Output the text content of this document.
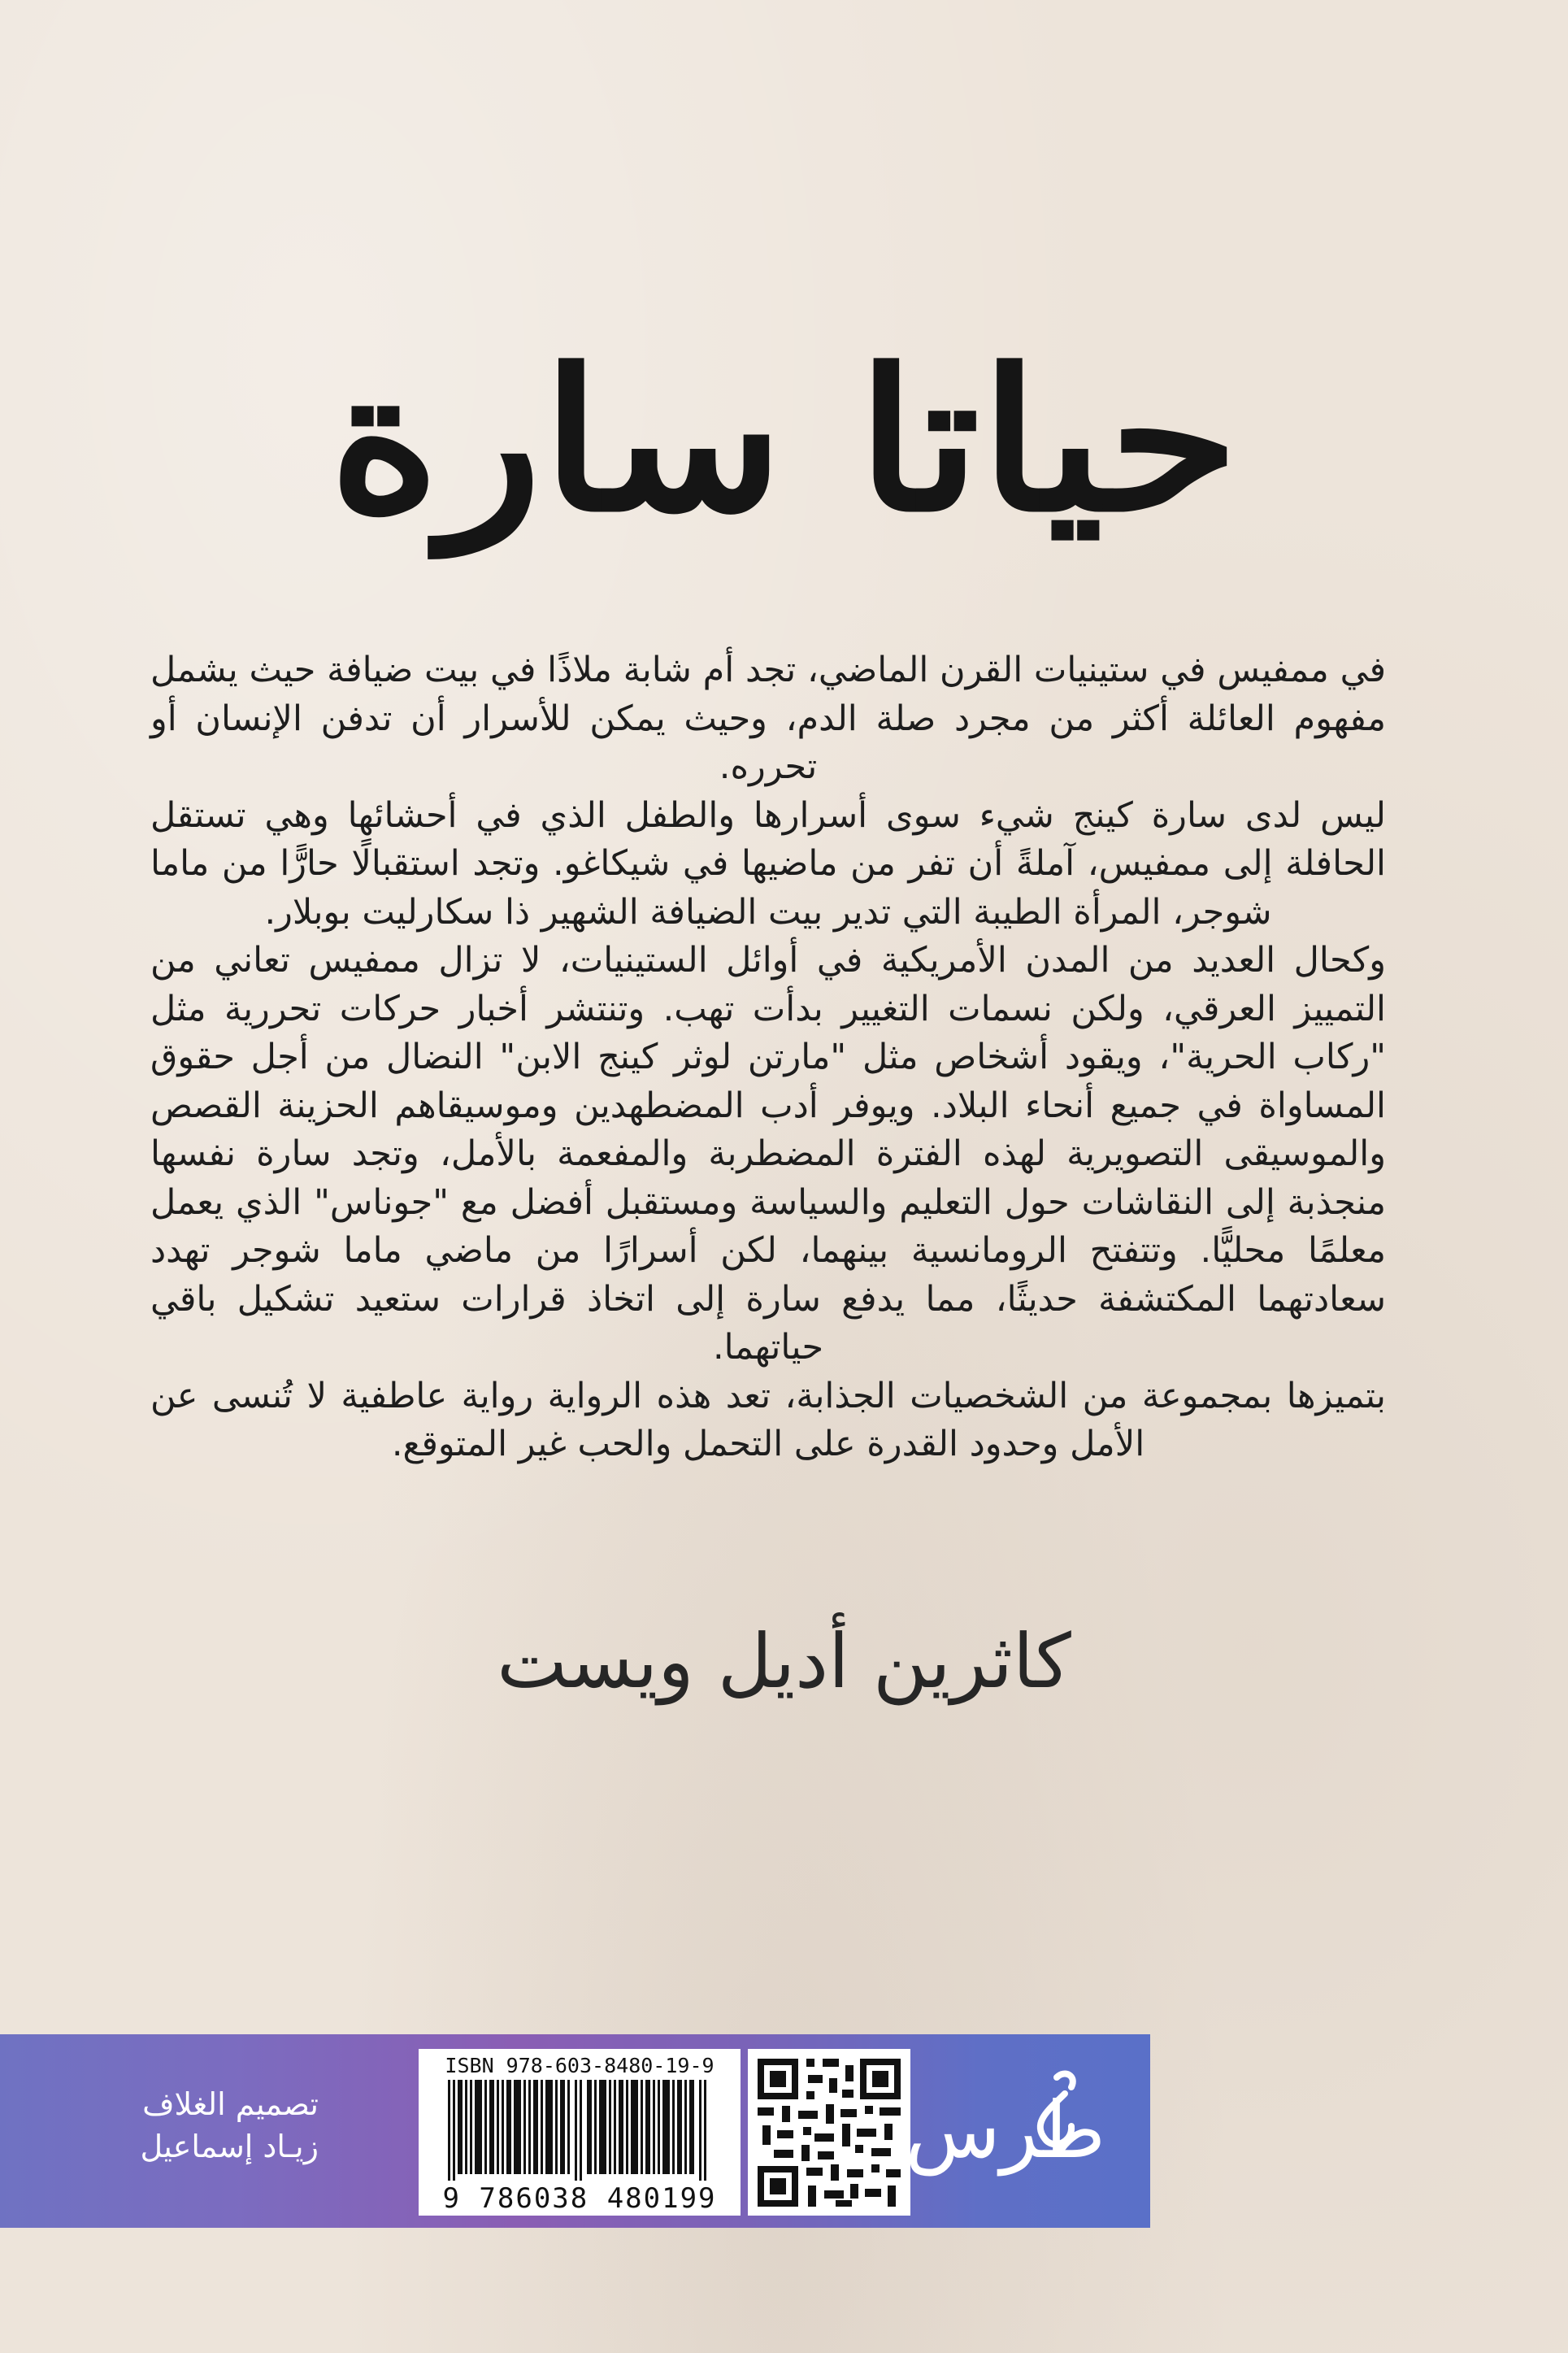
حياتا سارة

في ممفيس في ستينيات القرن الماضي، تجد أم شابة ملاذًا في بيت ضيافة حيث يشمل مفهوم العائلة أكثر من مجرد صلة الدم، وحيث يمكن للأسرار أن تدفن الإنسان أو تحرره.

ليس لدى سارة كينج شيء سوى أسرارها والطفل الذي في أحشائها وهي تستقل الحافلة إلى ممفيس، آملةً أن تفر من ماضيها في شيكاغو. وتجد استقبالًا حارًّا من ماما شوجر، المرأة الطيبة التي تدير بيت الضيافة الشهير ذا سكارليت بوبلار.

وكحال العديد من المدن الأمريكية في أوائل الستينيات، لا تزال ممفيس تعاني من التمييز العرقي، ولكن نسمات التغيير بدأت تهب. وتنتشر أخبار حركات تحررية مثل "ركاب الحرية"، ويقود أشخاص مثل "مارتن لوثر كينج الابن" النضال من أجل حقوق المساواة في جميع أنحاء البلاد. ويوفر أدب المضطهدين وموسيقاهم الحزينة القصص والموسيقى التصويرية لهذه الفترة المضطربة والمفعمة بالأمل، وتجد سارة نفسها منجذبة إلى النقاشات حول التعليم والسياسة ومستقبل أفضل مع "جوناس" الذي يعمل معلمًا محليًّا. وتتفتح الرومانسية بينهما، لكن أسرارًا من ماضي ماما شوجر تهدد سعادتهما المكتشفة حديثًا، مما يدفع سارة إلى اتخاذ قرارات ستعيد تشكيل باقي حياتهما.

بتميزها بمجموعة من الشخصيات الجذابة، تعد هذه الرواية رواية عاطفية لا تُنسى عن الأمل وحدود القدرة على التحمل والحب غير المتوقع.

كاثرين أديل ويست
تصميم الغلاف
زيـاد إسماعيل
ISBN 978-603-8480-19-9
9 786038 480199
طرس
